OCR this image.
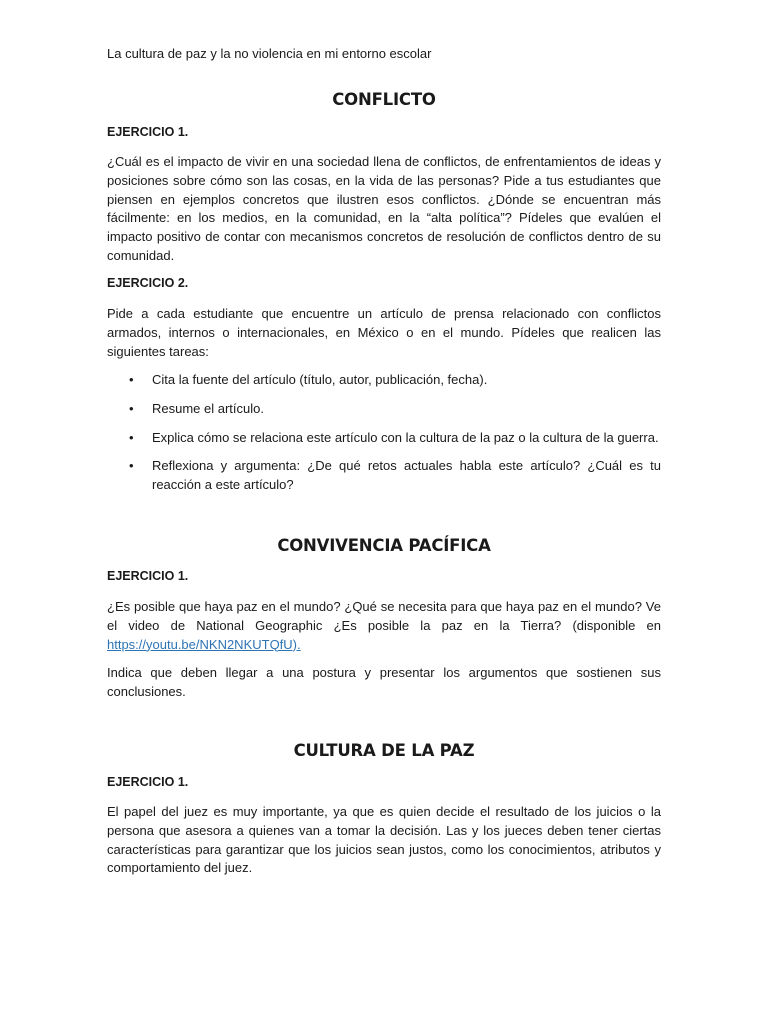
La cultura de paz y la no violencia en mi entorno escolar
CONFLICTO
EJERCICIO 1.

¿Cuál es el impacto de vivir en una sociedad llena de conflictos, de enfrentamientos de ideas y posiciones sobre cómo son las cosas, en la vida de las personas? Pide a tus estudiantes que piensen en ejemplos concretos que ilustren esos conflictos. ¿Dónde se encuentran más fácilmente: en los medios, en la comunidad, en la “alta política”? Pídeles que evalúen el impacto positivo de contar con mecanismos concretos de resolución de conflictos dentro de su comunidad.

EJERCICIO 2.

Pide a cada estudiante que encuentre un artículo de prensa relacionado con conflictos armados, internos o internacionales, en México o en el mundo. Pídeles que realicen las siguientes tareas:

• Cita la fuente del artículo (título, autor, publicación, fecha).
• Resume el artículo.
• Explica cómo se relaciona este artículo con la cultura de la paz o la cultura de la guerra.
• Reflexiona y argumenta: ¿De qué retos actuales habla este artículo? ¿Cuál es tu reacción a este artículo?
CONVIVENCIA PACÍFICA
EJERCICIO 1.

¿Es posible que haya paz en el mundo? ¿Qué se necesita para que haya paz en el mundo? Ve el video de National Geographic ¿Es posible la paz en la Tierra? (disponible en https://youtu.be/NKN2NKUTQfU).

Indica que deben llegar a una postura y presentar los argumentos que sostienen sus conclusiones.

CULTURA DE LA PAZ
EJERCICIO 1.

El papel del juez es muy importante, ya que es quien decide el resultado de los juicios o la persona que asesora a quienes van a tomar la decisión. Las y los jueces deben tener ciertas características para garantizar que los juicios sean justos, como los conocimientos, atributos y comportamiento del juez.
